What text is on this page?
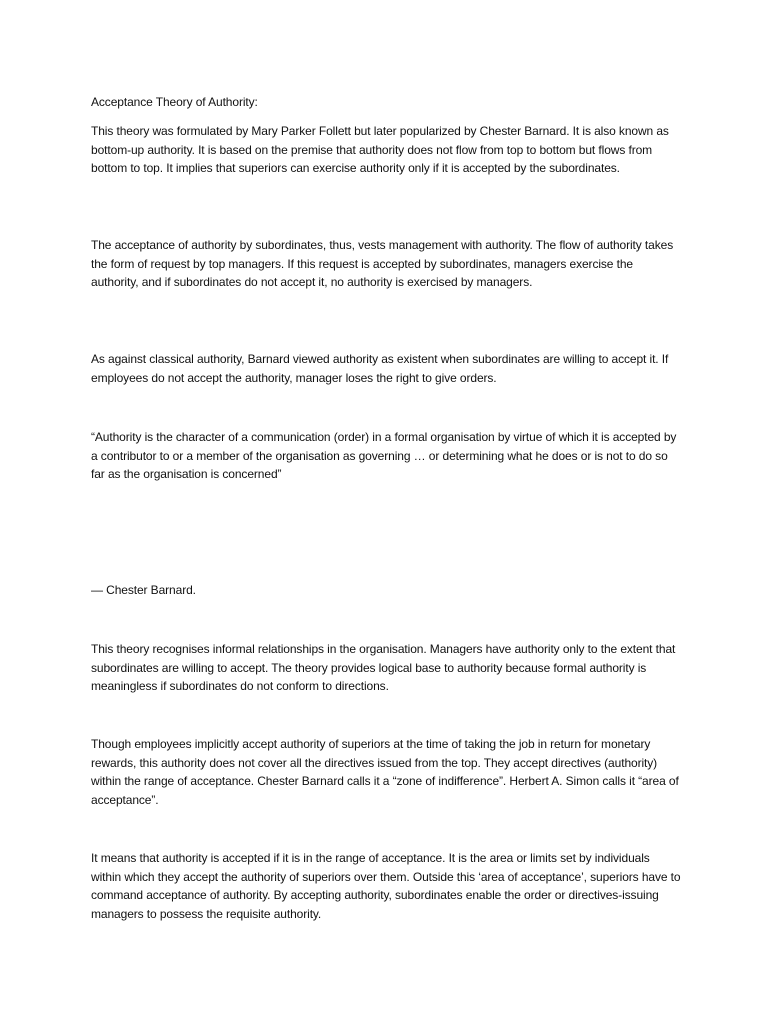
Acceptance Theory of Authority:

This theory was formulated by Mary Parker Follett but later popularized by Chester Barnard. It is also known as bottom-up authority. It is based on the premise that authority does not flow from top to bottom but flows from bottom to top. It implies that superiors can exercise authority only if it is accepted by the subordinates.

The acceptance of authority by subordinates, thus, vests management with authority. The flow of authority takes the form of request by top managers. If this request is accepted by subordinates, managers exercise the authority, and if subordinates do not accept it, no authority is exercised by managers.

As against classical authority, Barnard viewed authority as existent when subordinates are willing to accept it. If employees do not accept the authority, manager loses the right to give orders.

“Authority is the character of a communication (order) in a formal organisation by virtue of which it is accepted by a contributor to or a member of the organisation as governing … or determining what he does or is not to do so far as the organisation is concerned”

— Chester Barnard.

This theory recognises informal relationships in the organisation. Managers have authority only to the extent that subordinates are willing to accept. The theory provides logical base to authority because formal authority is meaningless if subordinates do not conform to directions.

Though employees implicitly accept authority of superiors at the time of taking the job in return for monetary rewards, this authority does not cover all the directives issued from the top. They accept directives (authority) within the range of acceptance. Chester Barnard calls it a “zone of indifference”. Herbert A. Simon calls it “area of acceptance”.

It means that authority is accepted if it is in the range of acceptance. It is the area or limits set by individuals within which they accept the authority of superiors over them. Outside this ‘area of acceptance’, superiors have to command acceptance of authority. By accepting authority, subordinates enable the order or directives-issuing managers to possess the requisite authority.
